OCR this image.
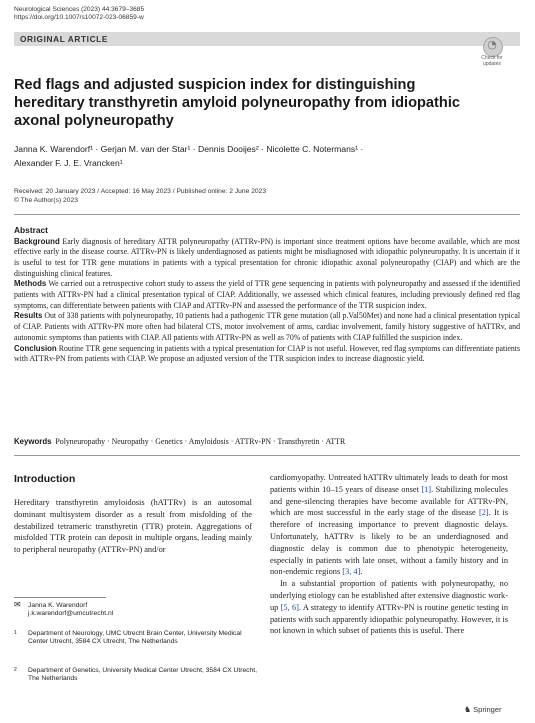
Neurological Sciences (2023) 44:3679–3685
https://doi.org/10.1007/s10072-023-06859-w
ORIGINAL ARTICLE	◔
Check for
updates
Red flags and adjusted suspicion index for distinguishing hereditary transthyretin amyloid polyneuropathy from idiopathic axonal polyneuropathy
Janna K. Warendorf¹ · Gerjan M. van der Star¹ · Dennis Dooijes² · Nicolette C. Notermans¹ ·
Alexander F. J. E. Vrancken¹
Received: 20 January 2023 / Accepted: 16 May 2023 / Published online: 2 June 2023
© The Author(s) 2023
Abstract

Background Early diagnosis of hereditary ATTR polyneuropathy (ATTRv-PN) is important since treatment options have become available, which are most effective early in the disease course. ATTRv-PN is likely underdiagnosed as patients might be misdiagnosed with idiopathic polyneuropathy. It is uncertain if it is useful to test for TTR gene mutations in patients with a typical presentation for chronic idiopathic axonal polyneuropathy (CIAP) and which are the distinguishing clinical features.

Methods We carried out a retrospective cohort study to assess the yield of TTR gene sequencing in patients with polyneuropathy and assessed if the identified patients with ATTRv-PN had a clinical presentation typical of CIAP. Additionally, we assessed which clinical features, including previously defined red flag symptoms, can differentiate between patients with CIAP and ATTRv-PN and assessed the performance of the TTR suspicion index.

Results Out of 338 patients with polyneuropathy, 10 patients had a pathogenic TTR gene mutation (all p.Val50Met) and none had a clinical presentation typical of CIAP. Patients with ATTRv-PN more often had bilateral CTS, motor involvement of arms, cardiac involvement, family history suggestive of hATTRv, and autonomic symptoms than patients with CIAP. All patients with ATTRv-PN as well as 70% of patients with CIAP fulfilled the suspicion index.

Conclusion Routine TTR gene sequencing in patients with a typical presentation for CIAP is not useful. However, red flag symptoms can differentiate patients with ATTRv-PN from patients with CIAP. We propose an adjusted version of the TTR suspicion index to increase diagnostic yield.

Keywords Polyneuropathy · Neuropathy · Genetics · Amyloidosis · ATTRv-PN · Transthyretin · ATTR
Introduction
Hereditary transthyretin amyloidosis (hATTRv) is an autosomal dominant multisystem disorder as a result from misfolding of the destabilized tetrameric transthyretin (TTR) protein. Aggregations of misfolded TTR protein can deposit in multiple organs, leading mainly to peripheral neuropathy (ATTRv-PN) and/or

cardiomyopathy. Untreated hATTRv ultimately leads to death for most patients within 10–15 years of disease onset [1]. Stabilizing molecules and gene-silencing therapies have become available for ATTRv-PN, which are most successful in the early stage of the disease [2]. It is therefore of increasing importance to prevent diagnostic delays. Unfortunately, hATTRv is likely to be an underdiagnosed and diagnostic delay is common due to phenotypic heterogeneity, especially in patients with late onset, without a family history and in non-endemic regions [3, 4].

In a substantial proportion of patients with polyneuropathy, no underlying etiology can be established after extensive diagnostic work-up [5, 6]. A strategy to identify ATTRv-PN is routine genetic testing in patients with such apparently idiopathic polyneuropathy. However, it is not known in which subset of patients this is useful. There

✉ Janna K. Warendorf
j.k.warendorf@umcutrecht.nl
1 Department of Neurology, UMC Utrecht Brain Center, University Medical Center Utrecht, 3584 CX Utrecht, The Netherlands
2 Department of Genetics, University Medical Center Utrecht, 3584 CX Utrecht, The Netherlands
♞ Springer
